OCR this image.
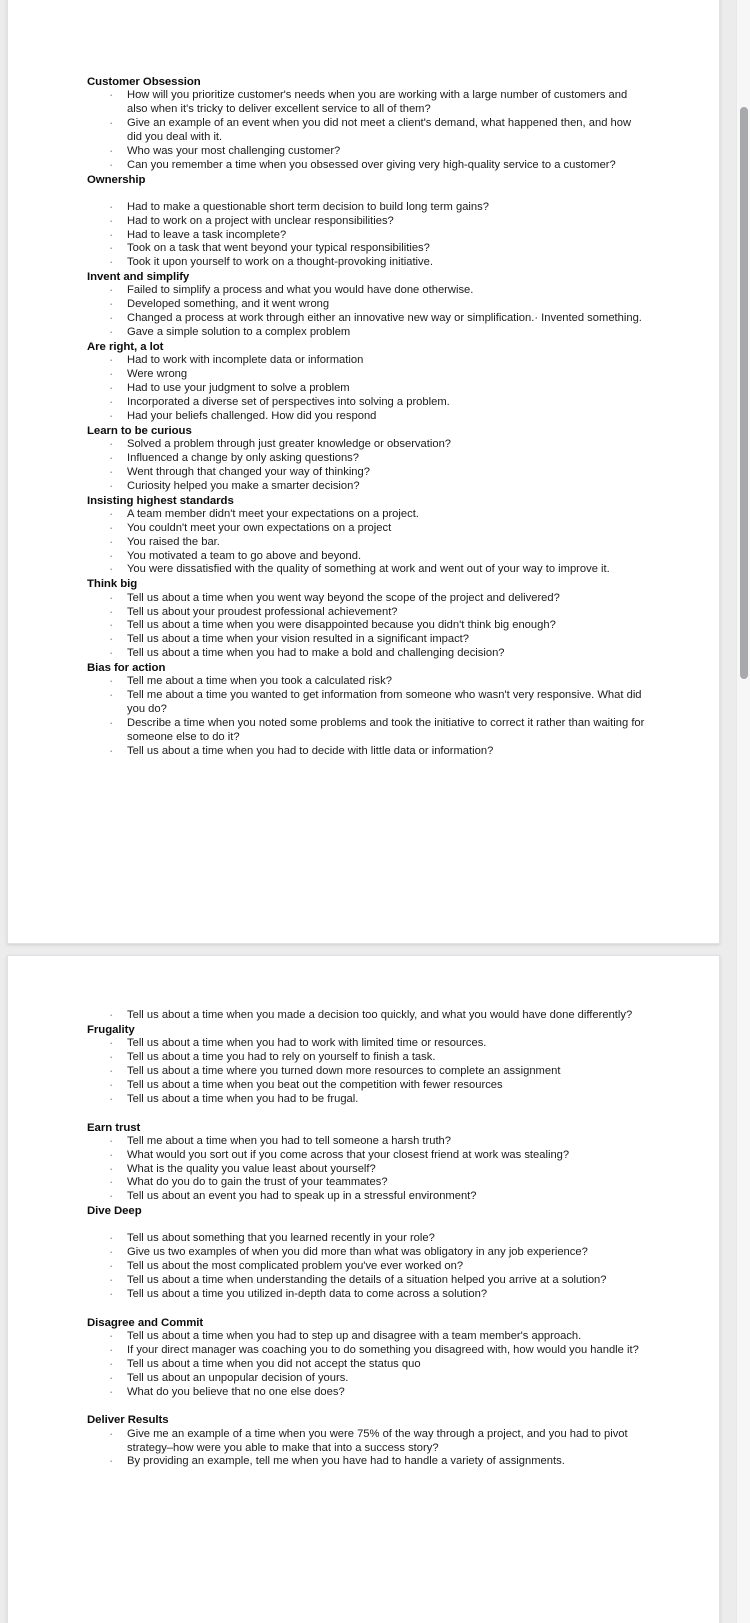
Customer Obsession
· How will you prioritize customer's needs when you are working with a large number of customers and also when it's tricky to deliver excellent service to all of them?
· Give an example of an event when you did not meet a client's demand, what happened then, and how did you deal with it.
· Who was your most challenging customer?
· Can you remember a time when you obsessed over giving very high-quality service to a customer?
Ownership
· Had to make a questionable short term decision to build long term gains?
· Had to work on a project with unclear responsibilities?
· Had to leave a task incomplete?
· Took on a task that went beyond your typical responsibilities?
· Took it upon yourself to work on a thought-provoking initiative.
Invent and simplify
· Failed to simplify a process and what you would have done otherwise.
· Developed something, and it went wrong
· Changed a process at work through either an innovative new way or simplification.· Invented something.
· Gave a simple solution to a complex problem
Are right, a lot
· Had to work with incomplete data or information
· Were wrong
· Had to use your judgment to solve a problem
· Incorporated a diverse set of perspectives into solving a problem.
· Had your beliefs challenged. How did you respond
Learn to be curious
· Solved a problem through just greater knowledge or observation?
· Influenced a change by only asking questions?
· Went through that changed your way of thinking?
· Curiosity helped you make a smarter decision?
Insisting highest standards
· A team member didn't meet your expectations on a project.
· You couldn't meet your own expectations on a project
· You raised the bar.
· You motivated a team to go above and beyond.
· You were dissatisfied with the quality of something at work and went out of your way to improve it.
Think big
· Tell us about a time when you went way beyond the scope of the project and delivered?
· Tell us about your proudest professional achievement?
· Tell us about a time when you were disappointed because you didn't think big enough?
· Tell us about a time when your vision resulted in a significant impact?
· Tell us about a time when you had to make a bold and challenging decision?
Bias for action
· Tell me about a time when you took a calculated risk?
· Tell me about a time you wanted to get information from someone who wasn't very responsive. What did you do?
· Describe a time when you noted some problems and took the initiative to correct it rather than waiting for someone else to do it?
· Tell us about a time when you had to decide with little data or information?
· Tell us about a time when you made a decision too quickly, and what you would have done differently?
Frugality
· Tell us about a time when you had to work with limited time or resources.
· Tell us about a time you had to rely on yourself to finish a task.
· Tell us about a time where you turned down more resources to complete an assignment
· Tell us about a time when you beat out the competition with fewer resources
· Tell us about a time when you had to be frugal.
Earn trust
· Tell me about a time when you had to tell someone a harsh truth?
· What would you sort out if you come across that your closest friend at work was stealing?
· What is the quality you value least about yourself?
· What do you do to gain the trust of your teammates?
· Tell us about an event you had to speak up in a stressful environment?
Dive Deep
· Tell us about something that you learned recently in your role?
· Give us two examples of when you did more than what was obligatory in any job experience?
· Tell us about the most complicated problem you've ever worked on?
· Tell us about a time when understanding the details of a situation helped you arrive at a solution?
· Tell us about a time you utilized in-depth data to come across a solution?
Disagree and Commit
· Tell us about a time when you had to step up and disagree with a team member's approach.
· If your direct manager was coaching you to do something you disagreed with, how would you handle it?
· Tell us about a time when you did not accept the status quo
· Tell us about an unpopular decision of yours.
· What do you believe that no one else does?
Deliver Results
· Give me an example of a time when you were 75% of the way through a project, and you had to pivot strategy–how were you able to make that into a success story?
· By providing an example, tell me when you have had to handle a variety of assignments.
